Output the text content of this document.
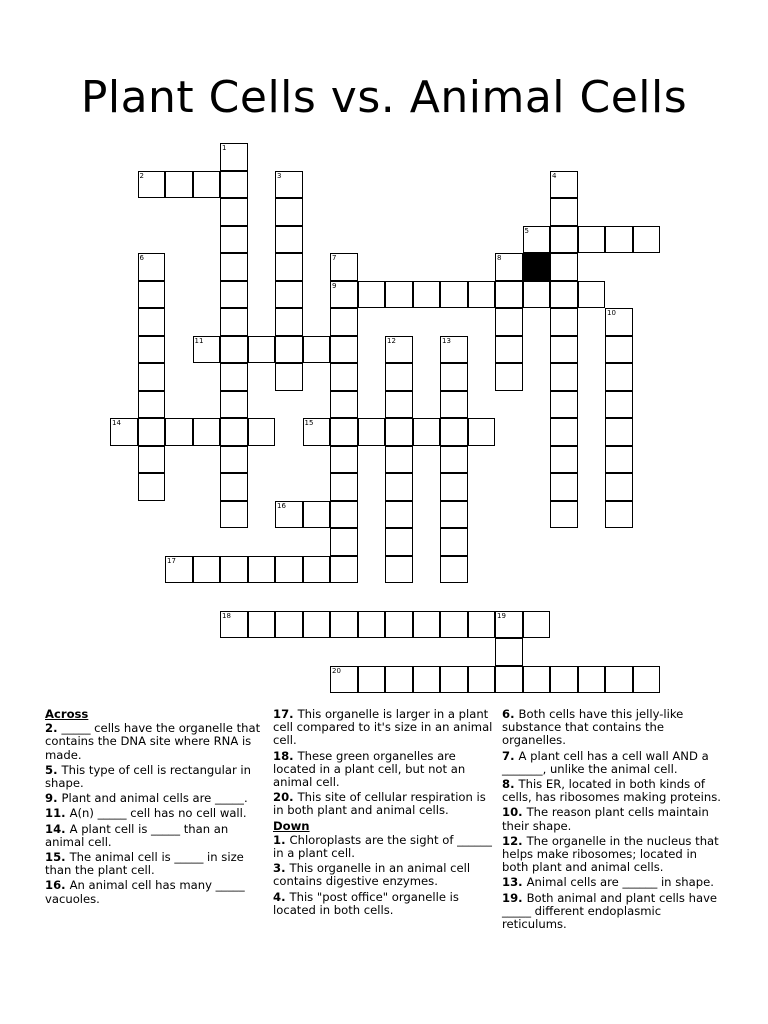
Plant Cells vs. Animal Cells
2
5
9
11
14	15
16
17
18	19
20
1
3	4
6	7	8
10
12	13
Across
2. _____ cells have the organelle that contains the DNA site where RNA is made.
5. This type of cell is rectangular in shape.
9. Plant and animal cells are _____.
11. A(n) _____ cell has no cell wall.
14. A plant cell is _____ than an animal cell.
15. The animal cell is _____ in size than the plant cell.
16. An animal cell has many _____ vacuoles.
17. This organelle is larger in a plant cell compared to it's size in an animal cell.
18. These green organelles are located in a plant cell, but not an animal cell.
20. This site of cellular respiration is in both plant and animal cells.
Down
1. Chloroplasts are the sight of ______ in a plant cell.
3. This organelle in an animal cell contains digestive enzymes.
4. This "post office" organelle is located in both cells.
6. Both cells have this jelly-like substance that contains the organelles.
7. A plant cell has a cell wall AND a _______, unlike the animal cell.
8. This ER, located in both kinds of cells, has ribosomes making proteins.
10. The reason plant cells maintain their shape.
12. The organelle in the nucleus that helps make ribosomes; located in both plant and animal cells.
13. Animal cells are ______ in shape.
19. Both animal and plant cells have _____ different endoplasmic reticulums.
